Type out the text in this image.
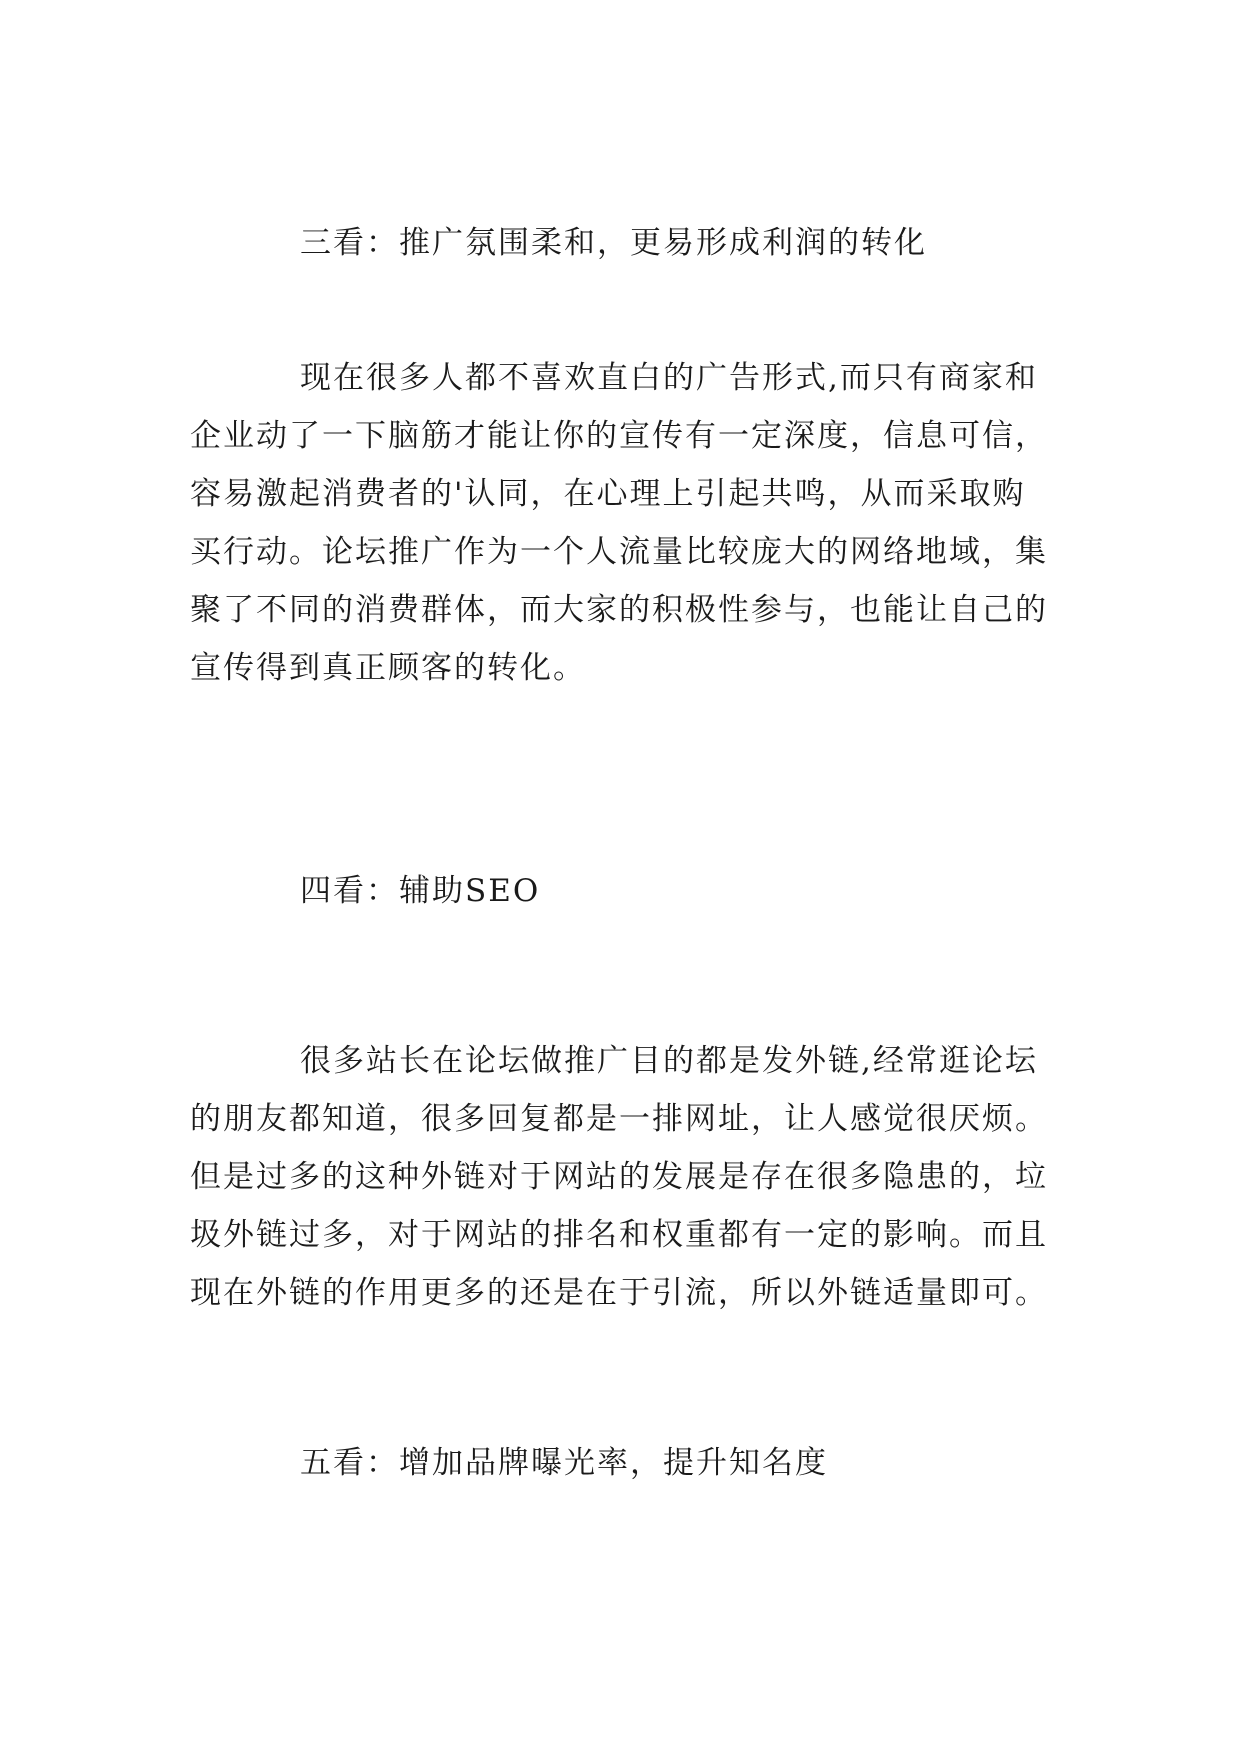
三看：推广氛围柔和，更易形成利润的转化

现在很多人都不喜欢直白的广告形式,而只有商家和
企业动了一下脑筋才能让你的宣传有一定深度，信息可信，
容易激起消费者的'认同，在心理上引起共鸣，从而采取购
买行动。论坛推广作为一个人流量比较庞大的网络地域，集
聚了不同的消费群体，而大家的积极性参与，也能让自己的
宣传得到真正顾客的转化。

四看：辅助SEO

很多站长在论坛做推广目的都是发外链,经常逛论坛
的朋友都知道，很多回复都是一排网址，让人感觉很厌烦。
但是过多的这种外链对于网站的发展是存在很多隐患的，垃
圾外链过多，对于网站的排名和权重都有一定的影响。而且
现在外链的作用更多的还是在于引流，所以外链适量即可。

五看：增加品牌曝光率，提升知名度
